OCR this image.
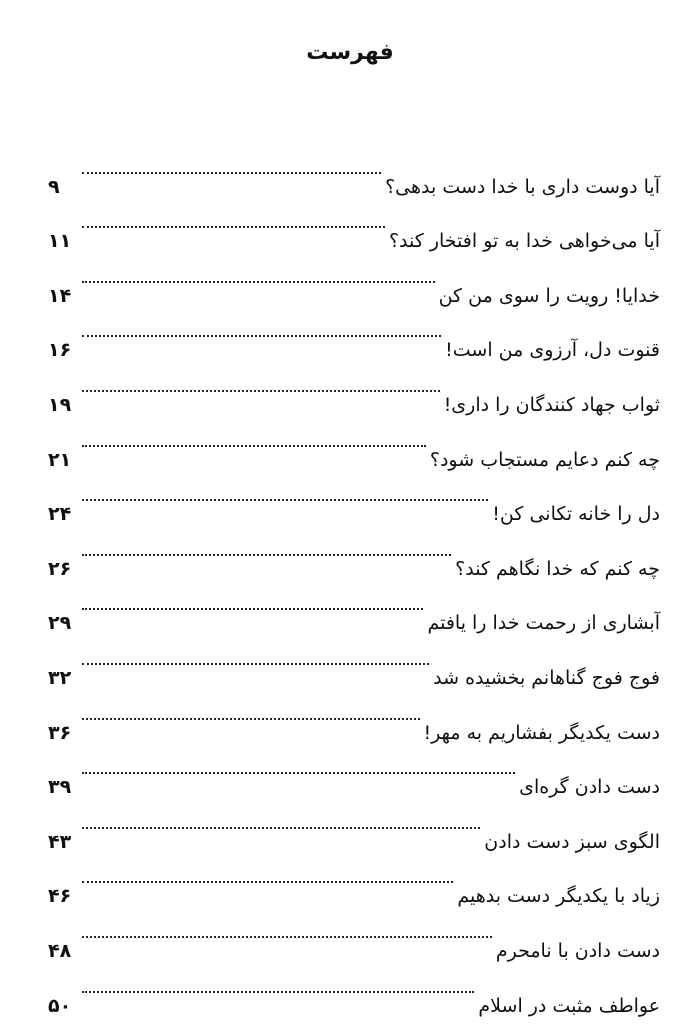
فهرست
آیا دوست داری با خدا دست بدهی؟
۹
آیا می‌خواهی خدا به تو افتخار کند؟
۱۱
خدایا! رویت را سوی من کن
۱۴
قنوت دل، آرزوی من است!
۱۶
ثواب جهاد کنندگان را داری!
۱۹
چه کنم دعایم مستجاب شود؟
۲۱
دل را خانه تکانی کن!
۲۴
چه کنم که خدا نگاهم کند؟
۲۶
آبشاری از رحمت خدا را یافتم
۲۹
فوج فوج گناهانم بخشیده شد
۳۲
دست یکدیگر بفشاریم به مهر!
۳۶
دست دادن گره‌ای
۳۹
الگوی سبز دست دادن
۴۳
زیاد با یکدیگر دست بدهیم
۴۶
دست دادن با نامحرم
۴۸
عواطف مثبت در اسلام
۵۰
